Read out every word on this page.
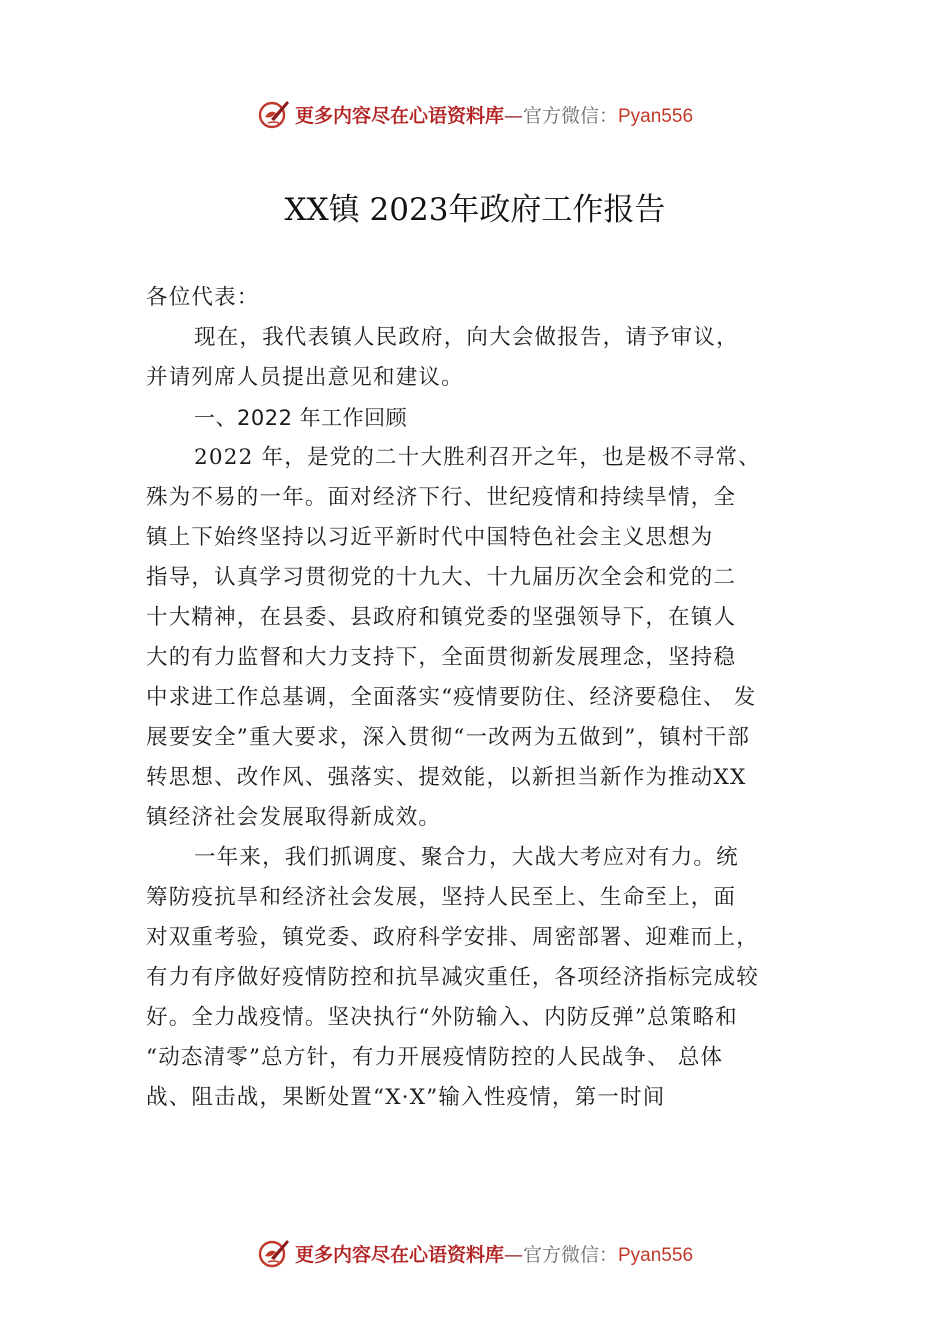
更多内容尽在心语资料库—官方微信：Pyan556
XX镇 2023年政府工作报告
各位代表：
现在，我代表镇人民政府，向大会做报告，请予审议，
并请列席人员提出意见和建议。
一、2022 年工作回顾
2022 年，是党的二十大胜利召开之年，也是极不寻常、
殊为不易的一年。面对经济下行、世纪疫情和持续旱情，全
镇上下始终坚持以习近平新时代中国特色社会主义思想为
指导，认真学习贯彻党的十九大、十九届历次全会和党的二
十大精神，在县委、县政府和镇党委的坚强领导下，在镇人
大的有力监督和大力支持下，全面贯彻新发展理念，坚持稳
中求进工作总基调，全面落实“疫情要防住、经济要稳住、 发
展要安全”重大要求，深入贯彻“一改两为五做到”，镇村干部
转思想、改作风、强落实、提效能，以新担当新作为推动XX
镇经济社会发展取得新成效。
一年来，我们抓调度、聚合力，大战大考应对有力。统
筹防疫抗旱和经济社会发展，坚持人民至上、生命至上，面
对双重考验，镇党委、政府科学安排、周密部署、迎难而上，
有力有序做好疫情防控和抗旱减灾重任，各项经济指标完成较
好。全力战疫情。坚决执行“外防输入、内防反弹”总策略和
“动态清零”总方针，有力开展疫情防控的人民战争、 总体
战、阻击战，果断处置“X·X”输入性疫情，第一时间
更多内容尽在心语资料库—官方微信：Pyan556
